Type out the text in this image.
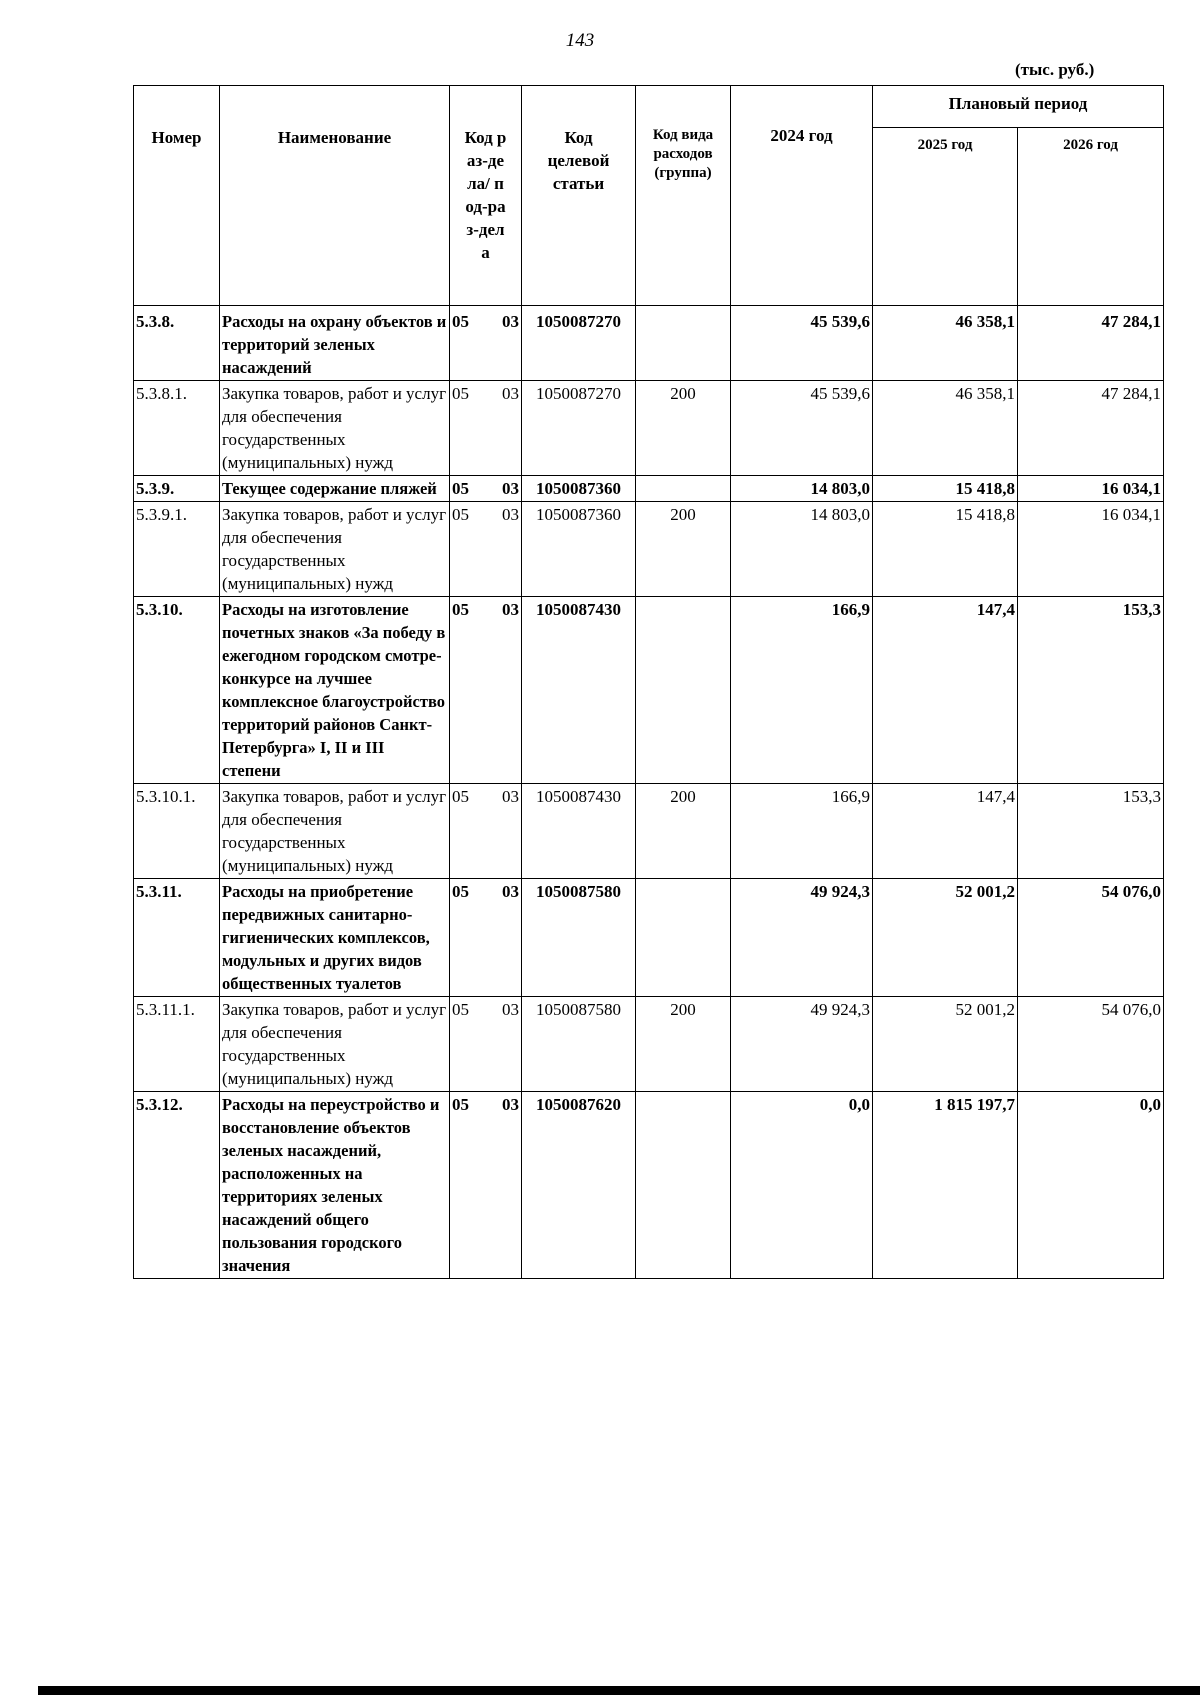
143
(тыс. руб.)
Номер	Наименование	Код раз-дела/ под-раз-дела	Код целевой статьи	Код вида расходов (группа)	2024 год	Плановый период	
						2025 год	2026 год
5.3.8.	Расходы на охрану объектов и территорий зеленых насаждений	05 03	1050087270		45 539,6	46 358,1	47 284,1
5.3.8.1.	Закупка товаров, работ и услуг для обеспечения государственных (муниципальных) нужд	05 03	1050087270	200	45 539,6	46 358,1	47 284,1
5.3.9.	Текущее содержание пляжей	05 03	1050087360		14 803,0	15 418,8	16 034,1
5.3.9.1.	Закупка товаров, работ и услуг для обеспечения государственных (муниципальных) нужд	05 03	1050087360	200	14 803,0	15 418,8	16 034,1
5.3.10.	Расходы на изготовление почетных знаков «За победу в ежегодном городском смотре-конкурсе на лучшее комплексное благоустройство территорий районов Санкт-Петербурга» I, II и III степени	05 03	1050087430		166,9	147,4	153,3
5.3.10.1.	Закупка товаров, работ и услуг для обеспечения государственных (муниципальных) нужд	05 03	1050087430	200	166,9	147,4	153,3
5.3.11.	Расходы на приобретение передвижных санитарно-гигиенических комплексов, модульных и других видов общественных туалетов	05 03	1050087580		49 924,3	52 001,2	54 076,0
5.3.11.1.	Закупка товаров, работ и услуг для обеспечения государственных (муниципальных) нужд	05 03	1050087580	200	49 924,3	52 001,2	54 076,0
5.3.12.	Расходы на переустройство и восстановление объектов зеленых насаждений, расположенных на территориях зеленых насаждений общего пользования городского значения	05 03	1050087620		0,0	1 815 197,7	0,0
